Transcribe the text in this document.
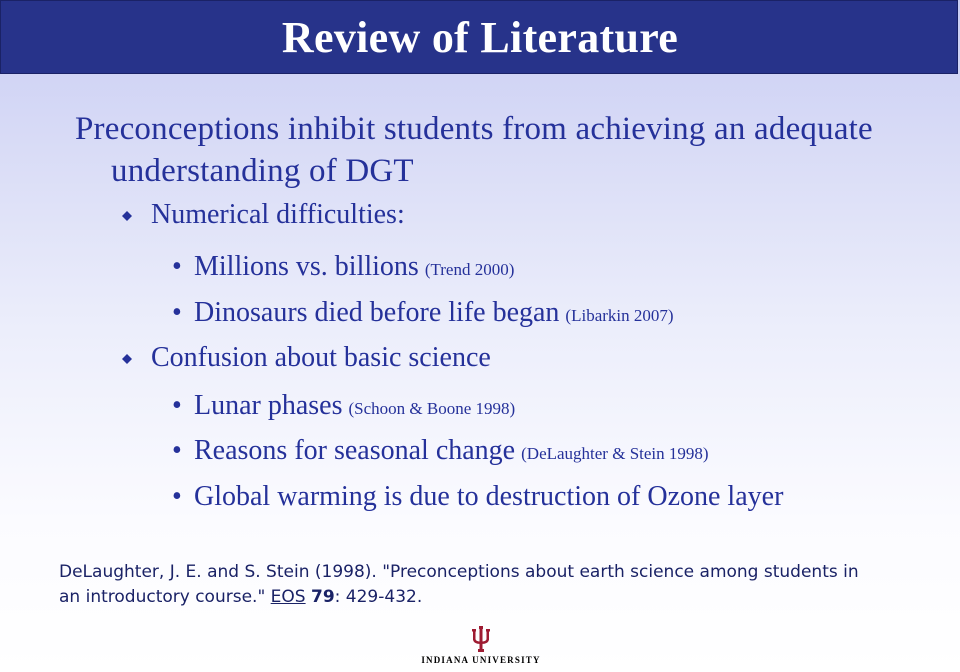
Review of Literature
Preconceptions inhibit students from achieving an adequate understanding of DGT
Numerical difficulties:
• Millions vs. billions (Trend 2000)
• Dinosaurs died before life began (Libarkin 2007)
Confusion about basic science
• Lunar phases (Schoon & Boone 1998)
• Reasons for seasonal change (DeLaughter & Stein 1998)
• Global warming is due to destruction of Ozone layer
DeLaughter, J. E. and S. Stein (1998). "Preconceptions about earth science among students in an introductory course." EOS 79: 429-432.
INDIANA UNIVERSITY
